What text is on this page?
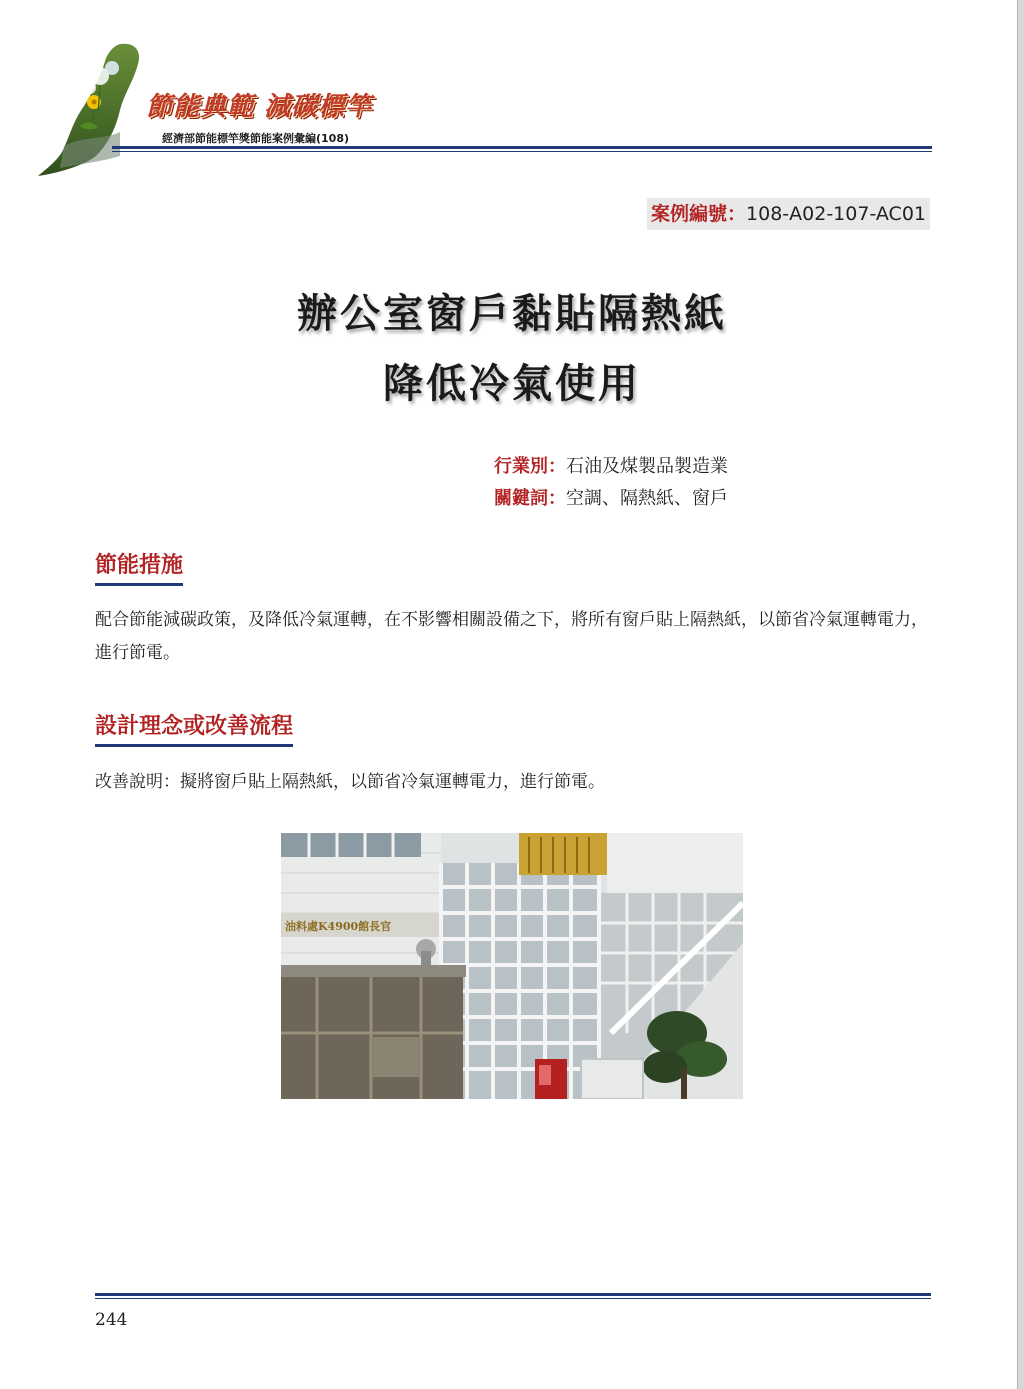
節能典範 減碳標竿
經濟部節能標竿獎節能案例彙編(108)
案例編號：108-A02-107-AC01
辦公室窗戶黏貼隔熱紙
降低冷氣使用
行業別：石油及煤製品製造業
關鍵詞：空調、隔熱紙、窗戶
節能措施
配合節能減碳政策，及降低冷氣運轉，在不影響相關設備之下，將所有窗戶貼上隔熱紙，以節省冷氣運轉電力，進行節電。
設計理念或改善流程
改善說明：擬將窗戶貼上隔熱紙，以節省冷氣運轉電力，進行節電。
油料處K4900館長官
244
